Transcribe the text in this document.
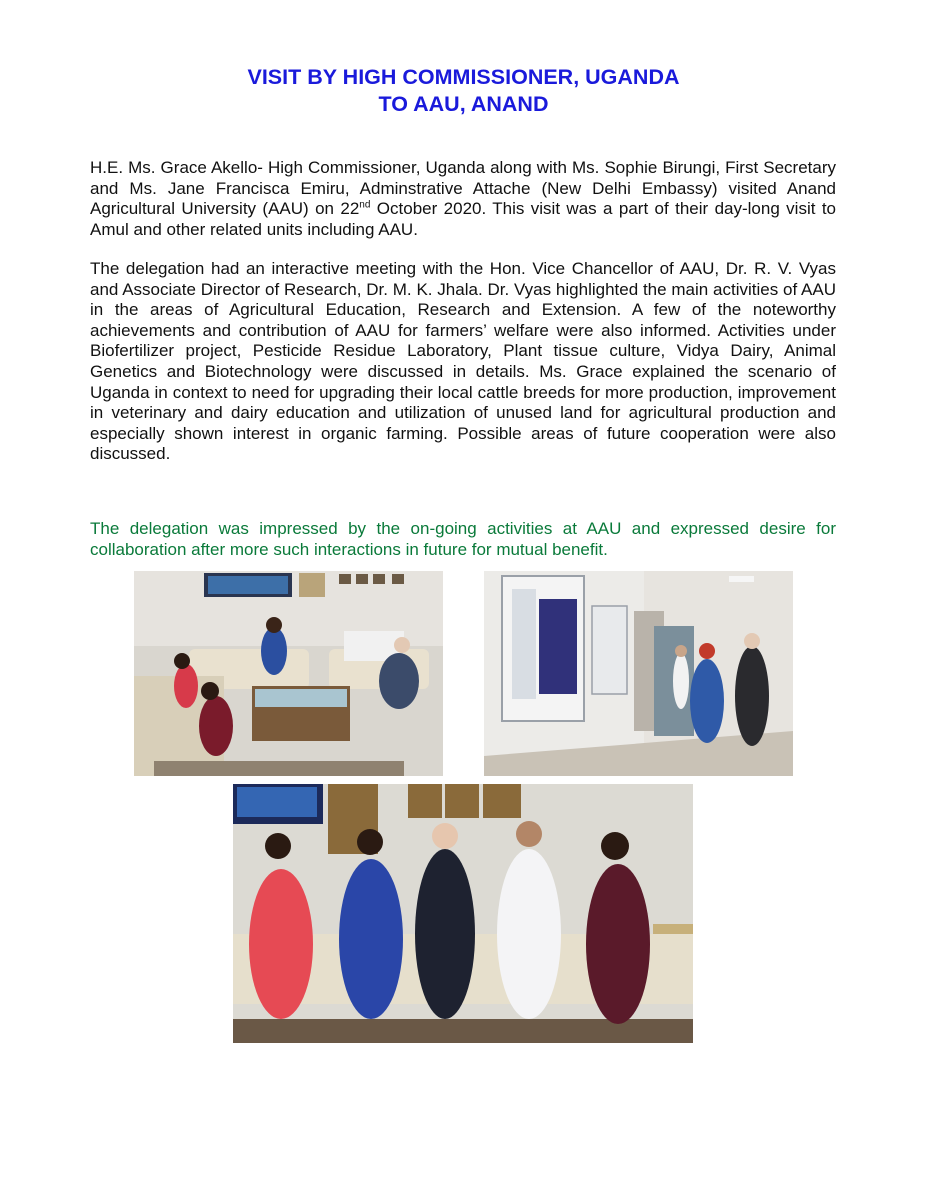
VISIT BY HIGH COMMISSIONER, UGANDA
TO AAU, ANAND

H.E. Ms. Grace Akello- High Commissioner, Uganda along with Ms. Sophie Birungi, First Secretary and Ms. Jane Francisca Emiru, Adminstrative Attache (New Delhi Embassy) visited Anand Agricultural University (AAU) on 22nd October 2020. This visit was a part of their day-long visit to Amul and other related units including AAU.

The delegation had an interactive meeting with the Hon. Vice Chancellor of AAU, Dr. R. V. Vyas and Associate Director of Research, Dr. M. K. Jhala. Dr. Vyas highlighted the main activities of AAU in the areas of Agricultural Education, Research and Extension. A few of the noteworthy achievements and contribution of AAU for farmers’ welfare were also informed. Activities under Biofertilizer project, Pesticide Residue Laboratory, Plant tissue culture, Vidya Dairy, Animal Genetics and Biotechnology were discussed in details. Ms. Grace explained the scenario of Uganda in context to need for upgrading their local cattle breeds for more production, improvement in veterinary and dairy education and utilization of unused land for agricultural production and especially shown interest in organic farming. Possible areas of future cooperation were also discussed.

The delegation was impressed by the on-going activities at AAU and expressed desire for collaboration after more such interactions in future for mutual benefit.
